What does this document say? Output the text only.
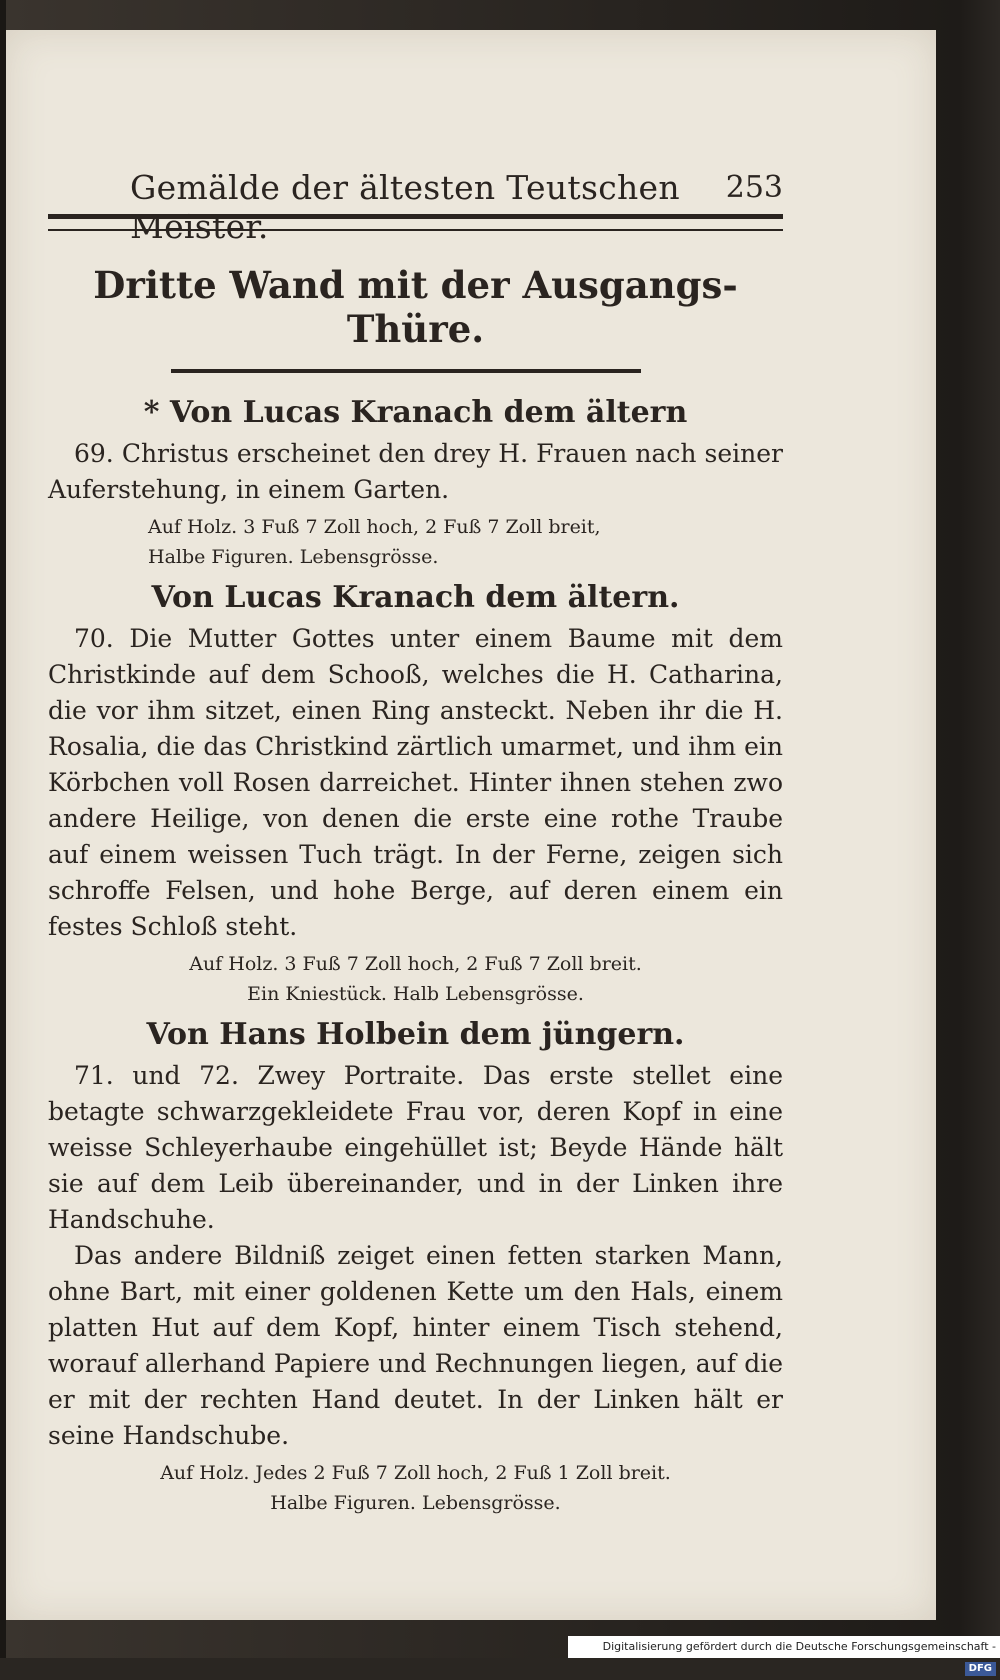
Gemälde der ältesten Teutschen Meister.
253
Dritte Wand mit der Ausgangs-Thüre.
* Von Lucas Kranach dem ältern

69. Christus erscheinet den drey H. Frauen nach seiner Auferstehung, in einem Garten.

Auf Holz. 3 Fuß 7 Zoll hoch, 2 Fuß 7 Zoll breit,
Halbe Figuren. Lebensgrösse.
Von Lucas Kranach dem ältern.

70. Die Mutter Gottes unter einem Baume mit dem Christkinde auf dem Schooß, welches die H. Catharina, die vor ihm sitzet, einen Ring ansteckt. Neben ihr die H. Rosalia, die das Christkind zärtlich umarmet, und ihm ein Körbchen voll Rosen darreichet. Hinter ihnen stehen zwo andere Heilige, von denen die erste eine rothe Traube auf einem weissen Tuch trägt. In der Ferne, zeigen sich schroffe Felsen, und hohe Berge, auf deren einem ein festes Schloß steht.

Auf Holz. 3 Fuß 7 Zoll hoch, 2 Fuß 7 Zoll breit.
Ein Kniestück. Halb Lebensgrösse.
Von Hans Holbein dem jüngern.

71. und 72. Zwey Portraite. Das erste stellet eine betagte schwarzgekleidete Frau vor, deren Kopf in eine weisse Schleyerhaube eingehüllet ist; Beyde Hände hält sie auf dem Leib übereinander, und in der Linken ihre Handschuhe.

Das andere Bildniß zeiget einen fetten starken Mann, ohne Bart, mit einer goldenen Kette um den Hals, einem platten Hut auf dem Kopf, hinter einem Tisch stehend, worauf allerhand Papiere und Rechnungen liegen, auf die er mit der rechten Hand deutet. In der Linken hält er seine Handschube.

Auf Holz. Jedes 2 Fuß 7 Zoll hoch, 2 Fuß 1 Zoll breit.
Halbe Figuren. Lebensgrösse.
Digitalisierung gefördert durch die Deutsche Forschungsgemeinschaft -DFG
